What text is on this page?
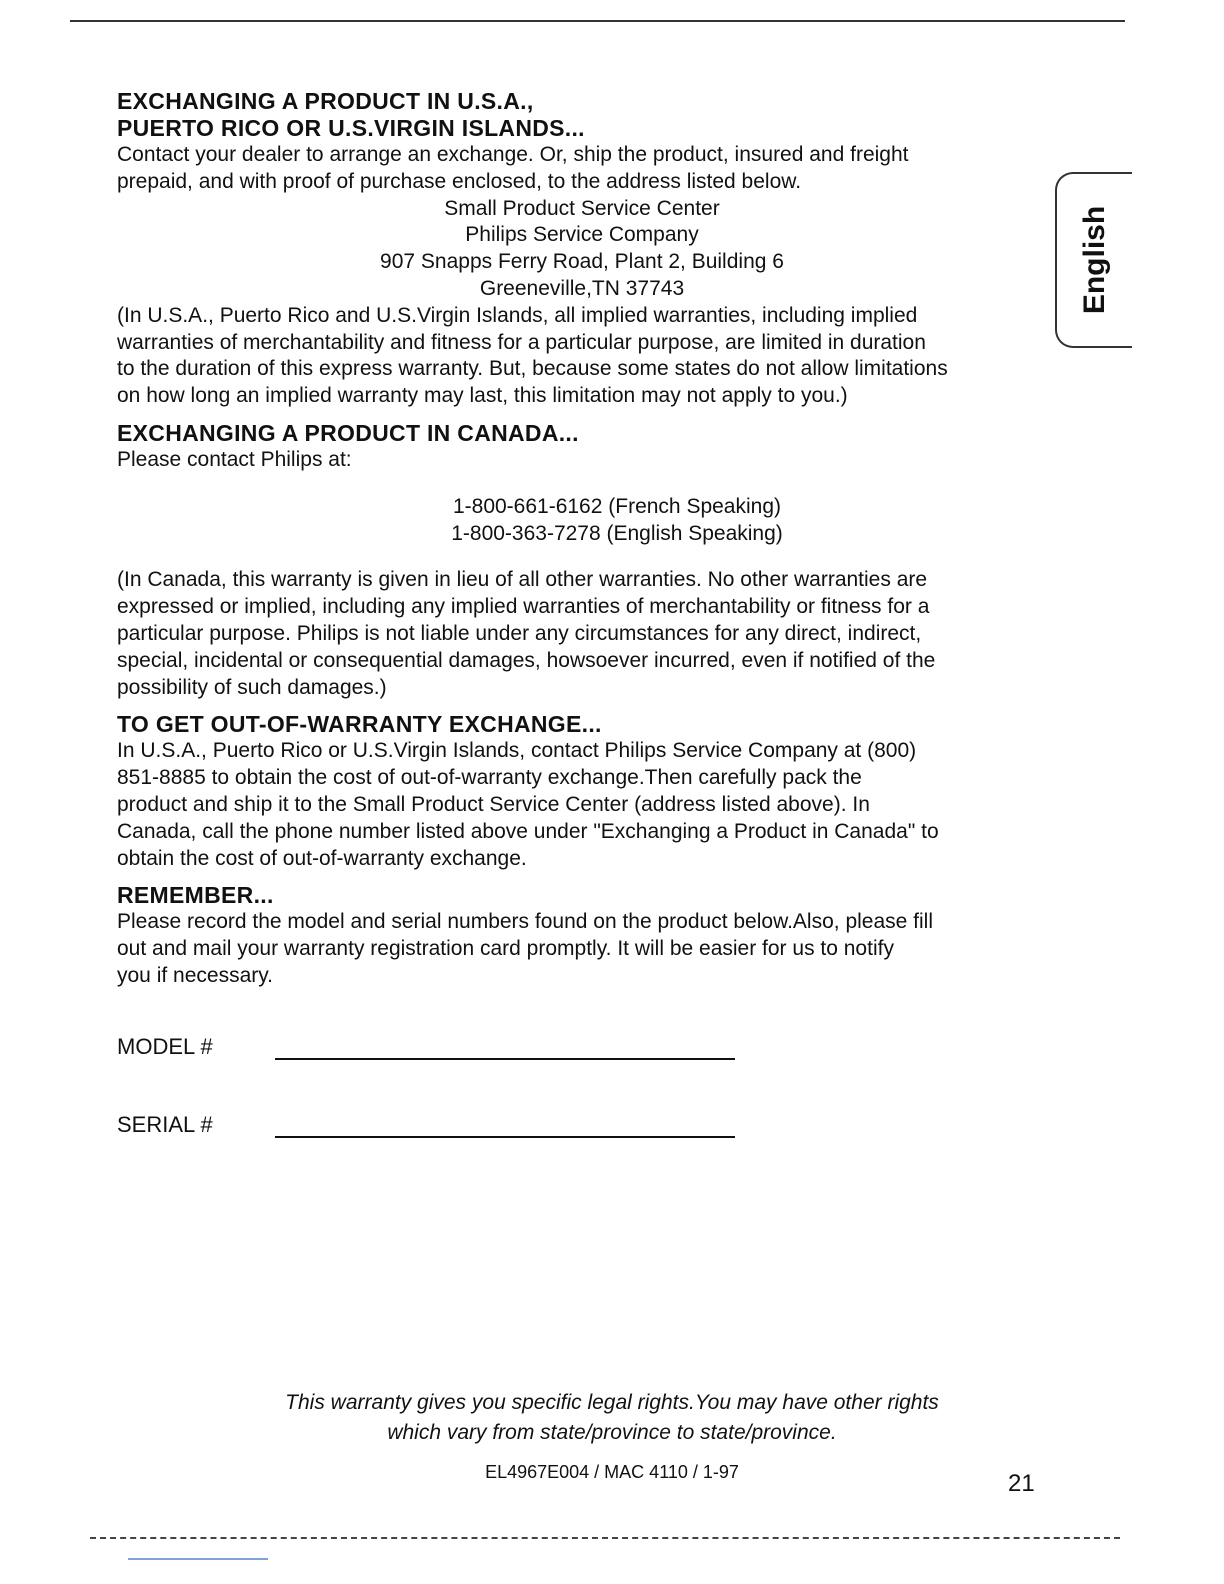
English
EXCHANGING A PRODUCT IN U.S.A.,
PUERTO RICO OR U.S.VIRGIN ISLANDS...
Contact your dealer to arrange an exchange. Or, ship the product, insured and freight
prepaid, and with proof of purchase enclosed, to the address listed below.
Small Product Service Center
Philips Service Company
907 Snapps Ferry Road, Plant 2, Building 6
Greeneville,TN 37743
(In U.S.A., Puerto Rico and U.S.Virgin Islands, all implied warranties, including implied
warranties of merchantability and fitness for a particular purpose, are limited in duration
to the duration of this express warranty. But, because some states do not allow limitations
on how long an implied warranty may last, this limitation may not apply to you.)
EXCHANGING A PRODUCT IN CANADA...
Please contact Philips at:
1-800-661-6162 (French Speaking)
1-800-363-7278 (English Speaking)
(In Canada, this warranty is given in lieu of all other warranties. No other warranties are
expressed or implied, including any implied warranties of merchantability or fitness for a
particular purpose. Philips is not liable under any circumstances for any direct, indirect,
special, incidental or consequential damages, howsoever incurred, even if notified of the
possibility of such damages.)
TO GET OUT-OF-WARRANTY EXCHANGE...
In U.S.A., Puerto Rico or U.S.Virgin Islands, contact Philips Service Company at (800)
851-8885 to obtain the cost of out-of-warranty exchange.Then carefully pack the
product and ship it to the Small Product Service Center (address listed above). In
Canada, call the phone number listed above under "Exchanging a Product in Canada" to
obtain the cost of out-of-warranty exchange.
REMEMBER...
Please record the model and serial numbers found on the product below.Also, please fill
out and mail your warranty registration card promptly. It will be easier for us to notify
you if necessary.
MODEL #
SERIAL #
This warranty gives you specific legal rights.You may have other rights
which vary from state/province to state/province.
EL4967E004 / MAC 4110 / 1-97	21
